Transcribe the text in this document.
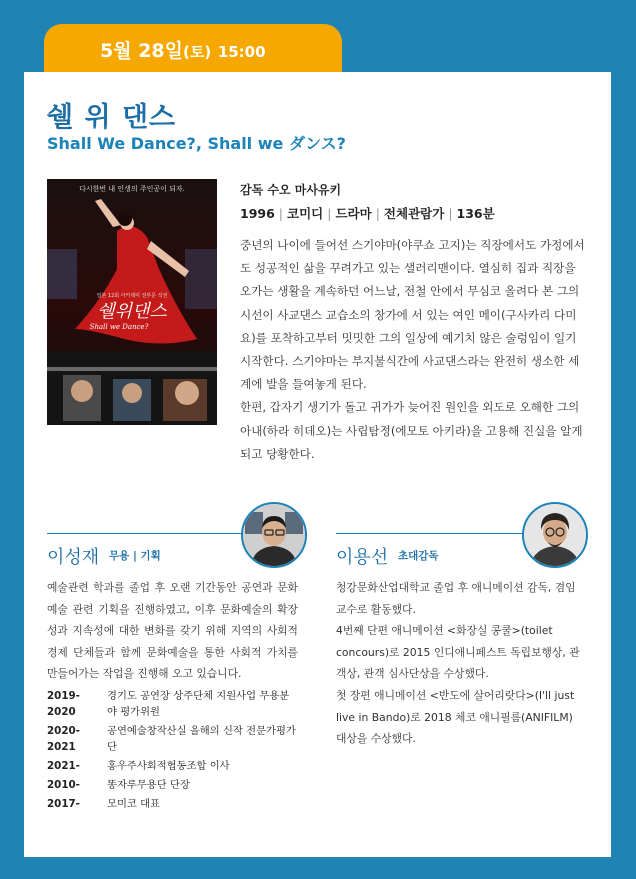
5월 28일(토) 15:00
쉘 위 댄스
Shall We Dance?, Shall we ダンス?
다시한번 내 인생의 주인공이 되자.
일본 12회 아카데미 전부문 석권
쉘위댄스
Shall we Dance?
감독 수오 마사유키
1996 | 코미디 | 드라마 | 전체관람가 | 136분

중년의 나이에 들어선 스기야마(야쿠쇼 고지)는 직장에서도 가정에서도 성공적인 삶을 꾸려가고 있는 샐러리맨이다. 열심히 집과 직장을 오가는 생활을 계속하던 어느날, 전철 안에서 무심코 올려다 본 그의 시선이 사교댄스 교습소의 창가에 서 있는 여인 메이(구사카리 다미요)를 포착하고부터 밋밋한 그의 일상에 예기치 않은 술렁임이 일기 시작한다. 스기야마는 부지불식간에 사교댄스라는 완전히 생소한 세계에 발을 들여놓게 된다.

한편, 갑자기 생기가 돌고 귀가가 늦어진 원인을 외도로 오해한 그의 아내(하라 히데오)는 사립탐정(에모토 아키라)을 고용해 진실을 알게 되고 당황한다.

이성재 무용 | 기획

예술관련 학과를 졸업 후 오랜 기간동안 공연과 문화예술 관련 기획을 진행하였고, 이후 문화예술의 확장성과 지속성에 대한 변화를 갖기 위해 지역의 사회적경제 단체들과 함께 문화예술을 통한 사회적 가치를 만들어가는 작업을 진행해 오고 있습니다.

2019-2020
경기도 공연장 상주단체 지원사업 무용분야 평가위원
2020-2021
공연예술창작산실 올해의 신작 전문가평가단
2021-	홍우주사회적협동조합 이사
2010-	똥자루무용단 단장
2017-	모미코 대표
이용선 초대감독

청강문화산업대학교 졸업 후 애니메이션 감독, 겸임교수로 활동했다.

4번째 단편 애니메이션 <화장실 콩쿨>(toilet concours)로 2015 인디애니페스트 독립보행상, 관객상, 관객 심사단상을 수상했다.

첫 장편 애니메이션 <반도에 살어리랏다>(I'll just live in Bando)로 2018 체코 애니필름(ANIFILM) 대상을 수상했다.
